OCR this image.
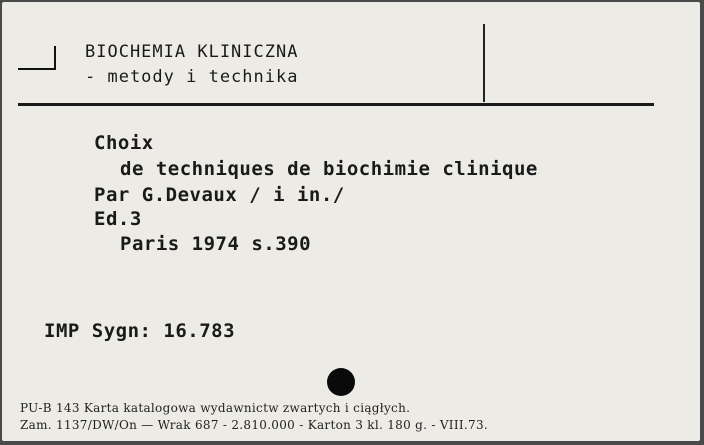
BIOCHEMIA KLINICZNA
- metody i technika
Choix
de techniques de biochimie clinique
Par G.Devaux / i in./
Ed.3
Paris 1974 s.390
IMP Sygn: 16.783
PU-B 143 Karta katalogowa wydawnictw zwartych i ciągłych.
Zam. 1137/DW/On — Wrak 687 - 2.810.000 - Karton 3 kl. 180 g. - VIII.73.
